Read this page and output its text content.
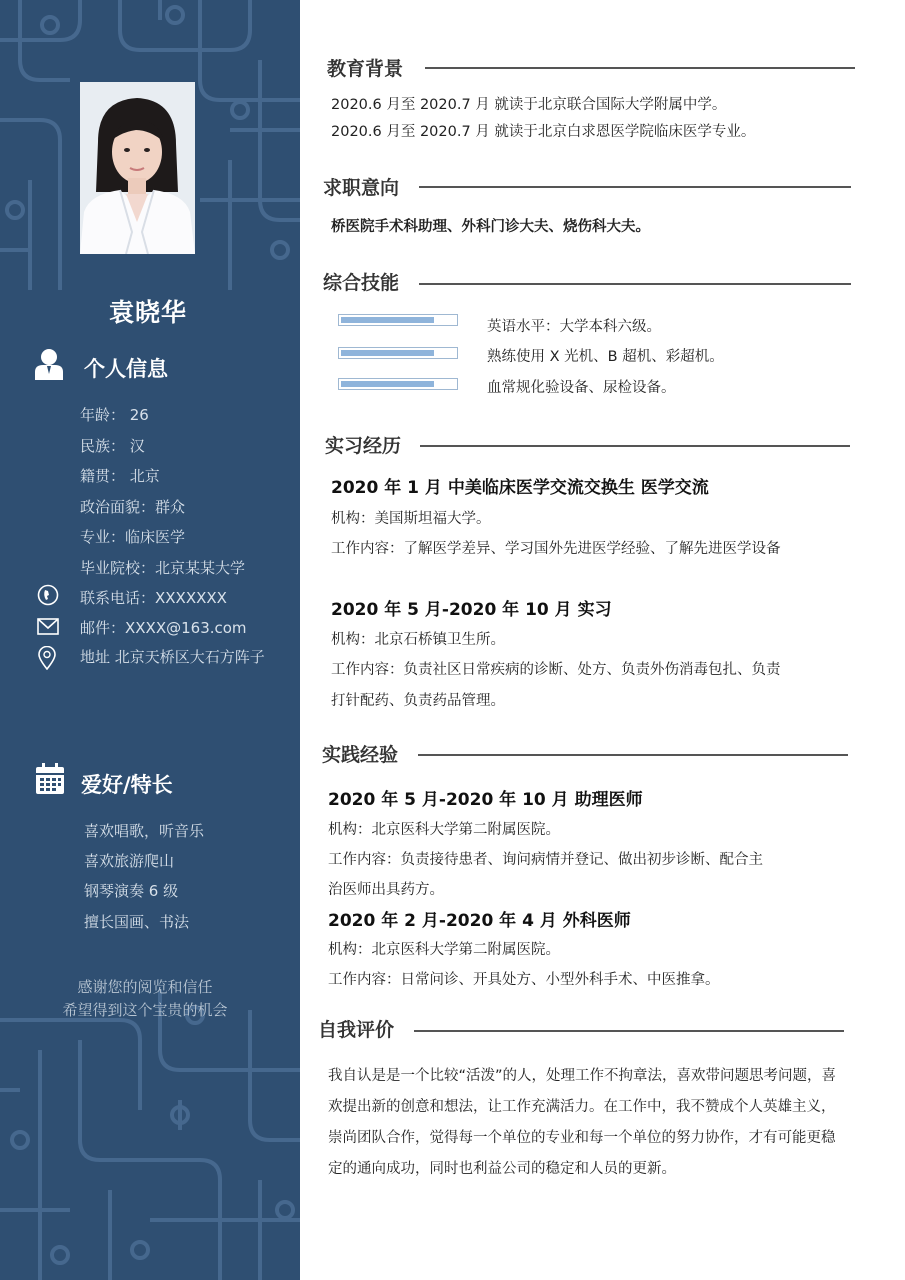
袁晓华
个人信息
年龄： 26
民族： 汉
籍贯： 北京
政治面貌：群众
专业：临床医学
毕业院校：北京某某大学
联系电话：XXXXXXX
邮件：XXXX@163.com
地址 北京天桥区大石方阵子
爱好/特长
喜欢唱歌，听音乐
喜欢旅游爬山
钢琴演奏 6 级
擅长国画、书法
感谢您的阅览和信任
希望得到这个宝贵的机会
教育背景
2020.6 月至 2020.7 月 就读于北京联合国际大学附属中学。
2020.6 月至 2020.7 月 就读于北京白求恩医学院临床医学专业。
求职意向
桥医院手术科助理、外科门诊大夫、烧伤科大夫。
综合技能
英语水平：大学本科六级。
熟练使用 X 光机、B 超机、彩超机。
血常规化验设备、尿检设备。
实习经历
2020 年 1 月 中美临床医学交流交换生 医学交流
机构：美国斯坦福大学。
工作内容：了解医学差异、学习国外先进医学经验、了解先进医学设备
2020 年 5 月-2020 年 10 月 实习
机构：北京石桥镇卫生所。
工作内容：负责社区日常疾病的诊断、处方、负责外伤消毒包扎、负责
打针配药、负责药品管理。
实践经验
2020 年 5 月-2020 年 10 月 助理医师
机构：北京医科大学第二附属医院。
工作内容：负责接待患者、询问病情并登记、做出初步诊断、配合主
治医师出具药方。
2020 年 2 月-2020 年 4 月 外科医师
机构：北京医科大学第二附属医院。
工作内容：日常问诊、开具处方、小型外科手术、中医推拿。
自我评价
我自认是是一个比较“活泼”的人，处理工作不拘章法，喜欢带问题思考问题，喜欢提出新的创意和想法，让工作充满活力。在工作中，我不赞成个人英雄主义，崇尚团队合作，觉得每一个单位的专业和每一个单位的努力协作，才有可能更稳定的通向成功，同时也利益公司的稳定和人员的更新。
